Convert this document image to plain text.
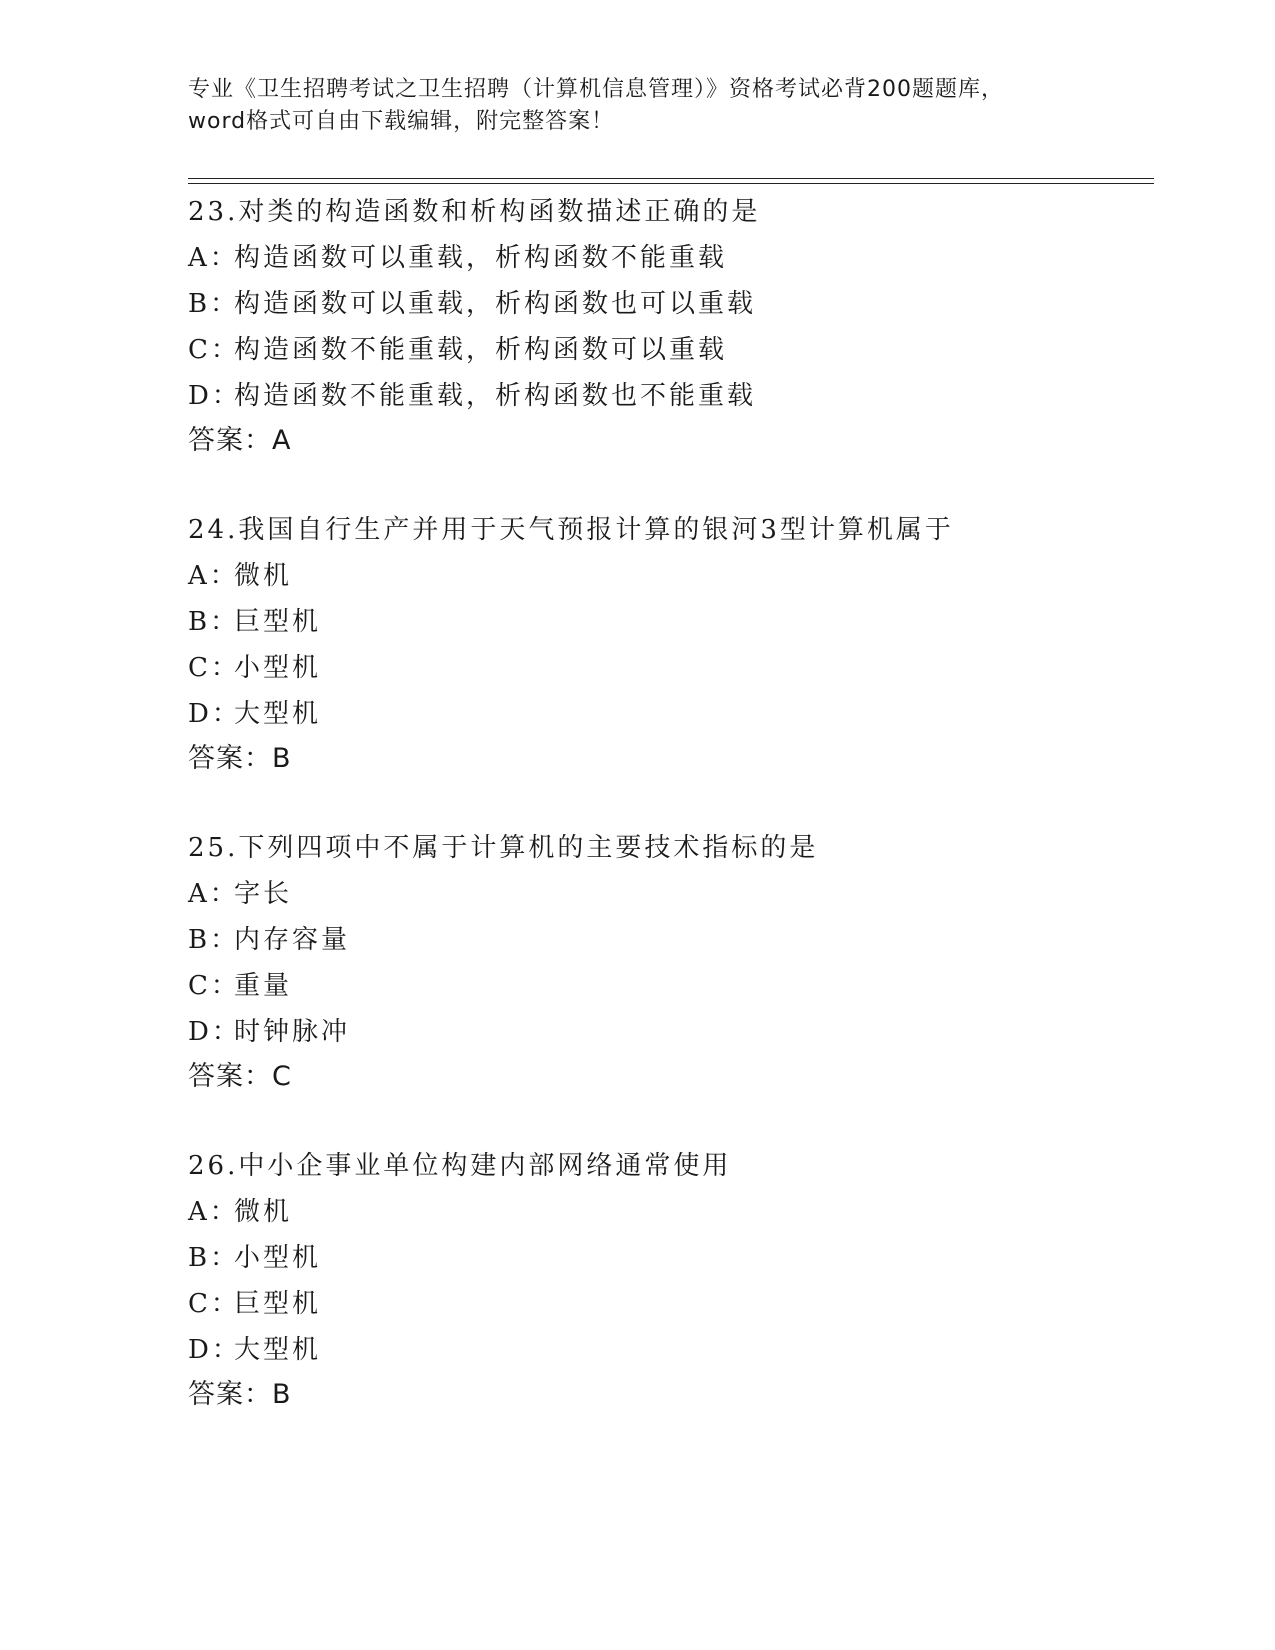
专业《卫生招聘考试之卫生招聘（计算机信息管理）》资格考试必背200题题库，
word格式可自由下载编辑，附完整答案！
23.对类的构造函数和析构函数描述正确的是
A：构造函数可以重载，析构函数不能重载
B：构造函数可以重载，析构函数也可以重载
C：构造函数不能重载，析构函数可以重载
D：构造函数不能重载，析构函数也不能重载
答案：A
24.我国自行生产并用于天气预报计算的银河3型计算机属于
A：微机
B：巨型机
C：小型机
D：大型机
答案：B
25.下列四项中不属于计算机的主要技术指标的是
A：字长
B：内存容量
C：重量
D：时钟脉冲
答案：C
26.中小企事业单位构建内部网络通常使用
A：微机
B：小型机
C：巨型机
D：大型机
答案：B
